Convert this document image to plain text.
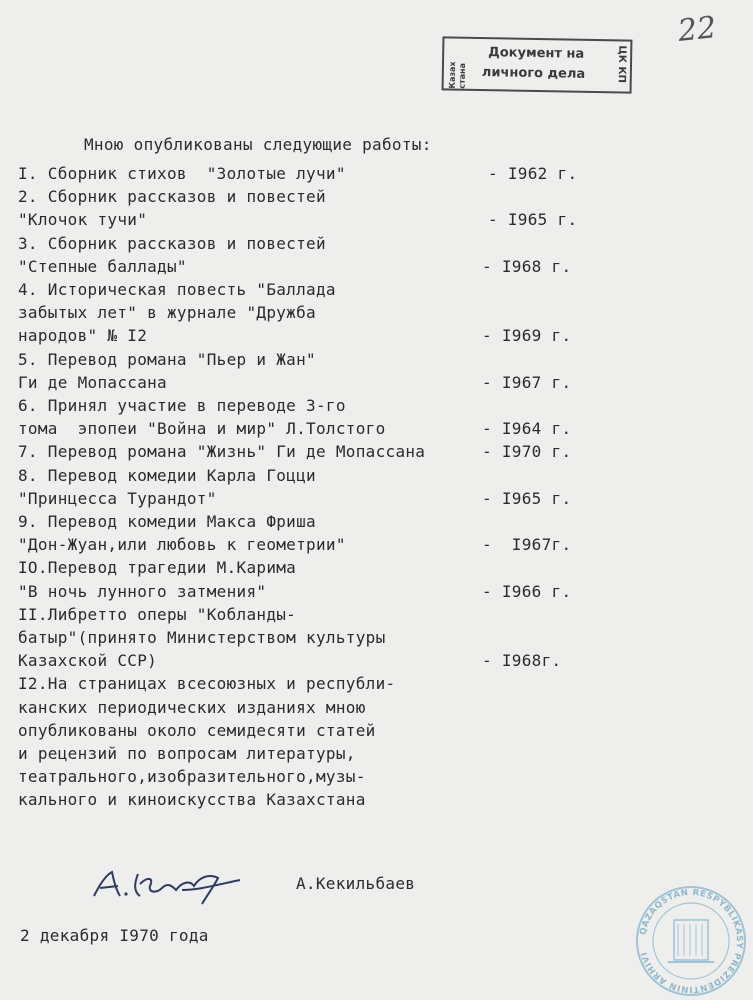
22
Казах стана
Документ на
личного дела	ЦК КП
Мною опубликованы следующие работы:
I. Сборник стихов  "Золотые лучи"	- I962 г.
2. Сборник рассказов и повестей
"Клочок тучи"	- I965 г.
3. Сборник рассказов и повестей
"Степные баллады"	- I968 г.
4. Историческая повесть "Баллада
забытых лет" в журнале "Дружба
народов" № I2	- I969 г.
5. Перевод романа "Пьер и Жан"
Ги де Мопассана	- I967 г.
6. Принял участие в переводе 3-го
тома  эпопеи "Война и мир" Л.Толстого	- I964 г.
7. Перевод романа "Жизнь" Ги де Мопассана	- I970 г.
8. Перевод комедии Карла Гоцци
"Принцесса Турандот"	- I965 г.
9. Перевод комедии Макса Фриша
"Дон-Жуан,или любовь к геометрии"	-  I967г.
IO.Перевод трагедии М.Карима
"В ночь лунного затмения"	- I966 г.
II.Либретто оперы "Кобланды-
батыр"(принято Министерством культуры
Казахской ССР)	- I968г.
I2.На страницах всесоюзных и республи-
канских периодических изданиях мною
опубликованы около семидесяти статей
и рецензий по вопросам литературы,
театрального,изобразительного,музы-
кального и киноискусства Казахстана
А.Кекильбаев
2 декабря I970 года	QAZAQSTAN RESPÝBLIKASY PREZIDENTINIŃ ARHIVI
